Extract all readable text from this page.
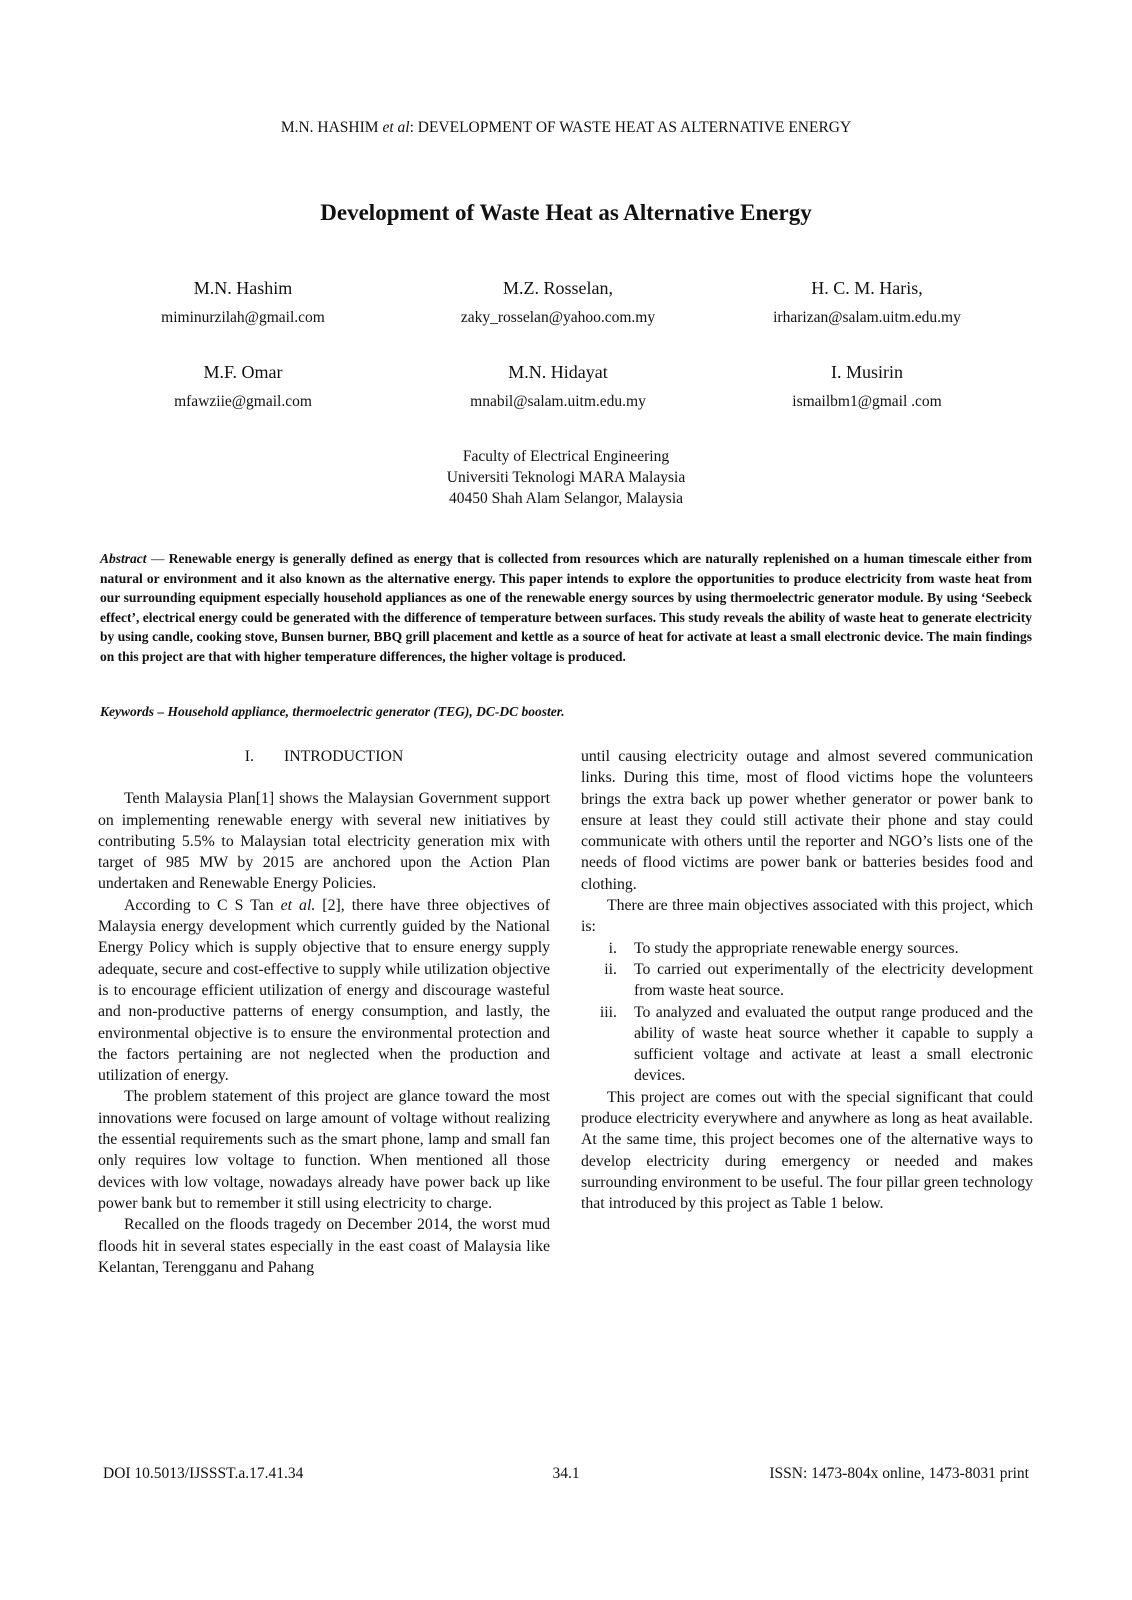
M.N. HASHIM et al: DEVELOPMENT OF WASTE HEAT AS ALTERNATIVE ENERGY
Development of Waste Heat as Alternative Energy
M.N. Hashim
miminurzilah@gmail.com
M.Z. Rosselan,
zaky_rosselan@yahoo.com.my
H. C. M. Haris,
irharizan@salam.uitm.edu.my
M.F. Omar
mfawziie@gmail.com
M.N. Hidayat
mnabil@salam.uitm.edu.my
I. Musirin
ismailbm1@gmail .com
Faculty of Electrical Engineering
Universiti Teknologi MARA Malaysia
40450 Shah Alam Selangor, Malaysia
Abstract — Renewable energy is generally defined as energy that is collected from resources which are naturally replenished on a human timescale either from natural or environment and it also known as the alternative energy. This paper intends to explore the opportunities to produce electricity from waste heat from our surrounding equipment especially household appliances as one of the renewable energy sources by using thermoelectric generator module. By using ‘Seebeck effect’, electrical energy could be generated with the difference of temperature between surfaces. This study reveals the ability of waste heat to generate electricity by using candle, cooking stove, Bunsen burner, BBQ grill placement and kettle as a source of heat for activate at least a small electronic device. The main findings on this project are that with higher temperature differences, the higher voltage is produced.
Keywords – Household appliance, thermoelectric generator (TEG), DC-DC booster.
I. INTRODUCTION

Tenth Malaysia Plan[1] shows the Malaysian Government support on implementing renewable energy with several new initiatives by contributing 5.5% to Malaysian total electricity generation mix with target of 985 MW by 2015 are anchored upon the Action Plan undertaken and Renewable Energy Policies.

According to C S Tan et al. [2], there have three objectives of Malaysia energy development which currently guided by the National Energy Policy which is supply objective that to ensure energy supply adequate, secure and cost-effective to supply while utilization objective is to encourage efficient utilization of energy and discourage wasteful and non-productive patterns of energy consumption, and lastly, the environmental objective is to ensure the environmental protection and the factors pertaining are not neglected when the production and utilization of energy.

The problem statement of this project are glance toward the most innovations were focused on large amount of voltage without realizing the essential requirements such as the smart phone, lamp and small fan only requires low voltage to function. When mentioned all those devices with low voltage, nowadays already have power back up like power bank but to remember it still using electricity to charge.

Recalled on the floods tragedy on December 2014, the worst mud floods hit in several states especially in the east coast of Malaysia like Kelantan, Terengganu and Pahang

until causing electricity outage and almost severed communication links. During this time, most of flood victims hope the volunteers brings the extra back up power whether generator or power bank to ensure at least they could still activate their phone and stay could communicate with others until the reporter and NGO’s lists one of the needs of flood victims are power bank or batteries besides food and clothing.

There are three main objectives associated with this project, which is:

i. To study the appropriate renewable energy sources.
ii. To carried out experimentally of the electricity development from waste heat source.
iii. To analyzed and evaluated the output range produced and the ability of waste heat source whether it capable to supply a sufficient voltage and activate at least a small electronic devices.

This project are comes out with the special significant that could produce electricity everywhere and anywhere as long as heat available. At the same time, this project becomes one of the alternative ways to develop electricity during emergency or needed and makes surrounding environment to be useful. The four pillar green technology that introduced by this project as Table 1 below.

DOI 10.5013/IJSSST.a.17.41.34	34.1	ISSN: 1473-804x online, 1473-8031 print
